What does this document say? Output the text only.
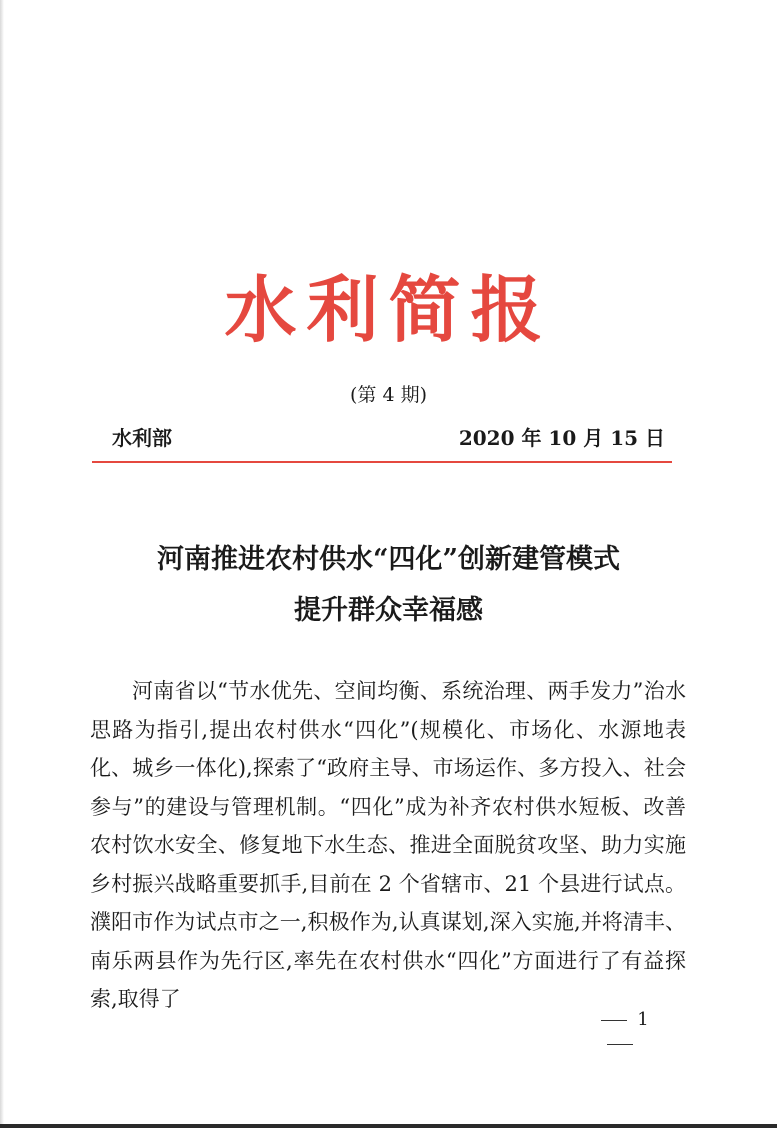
水利简报
(第 4 期)
水利部	2020 年 10 月 15 日
河南推进农村供水“四化”创新建管模式
提升群众幸福感

河南省以“节水优先、空间均衡、系统治理、两手发力”治水思路为指引,提出农村供水“四化”(规模化、市场化、水源地表化、城乡一体化),探索了“政府主导、市场运作、多方投入、社会参与”的建设与管理机制。“四化”成为补齐农村供水短板、改善农村饮水安全、修复地下水生态、推进全面脱贫攻坚、助力实施乡村振兴战略重要抓手,目前在 2 个省辖市、21 个县进行试点。濮阳市作为试点市之一,积极作为,认真谋划,深入实施,并将清丰、南乐两县作为先行区,率先在农村供水“四化”方面进行了有益探索,取得了

1
